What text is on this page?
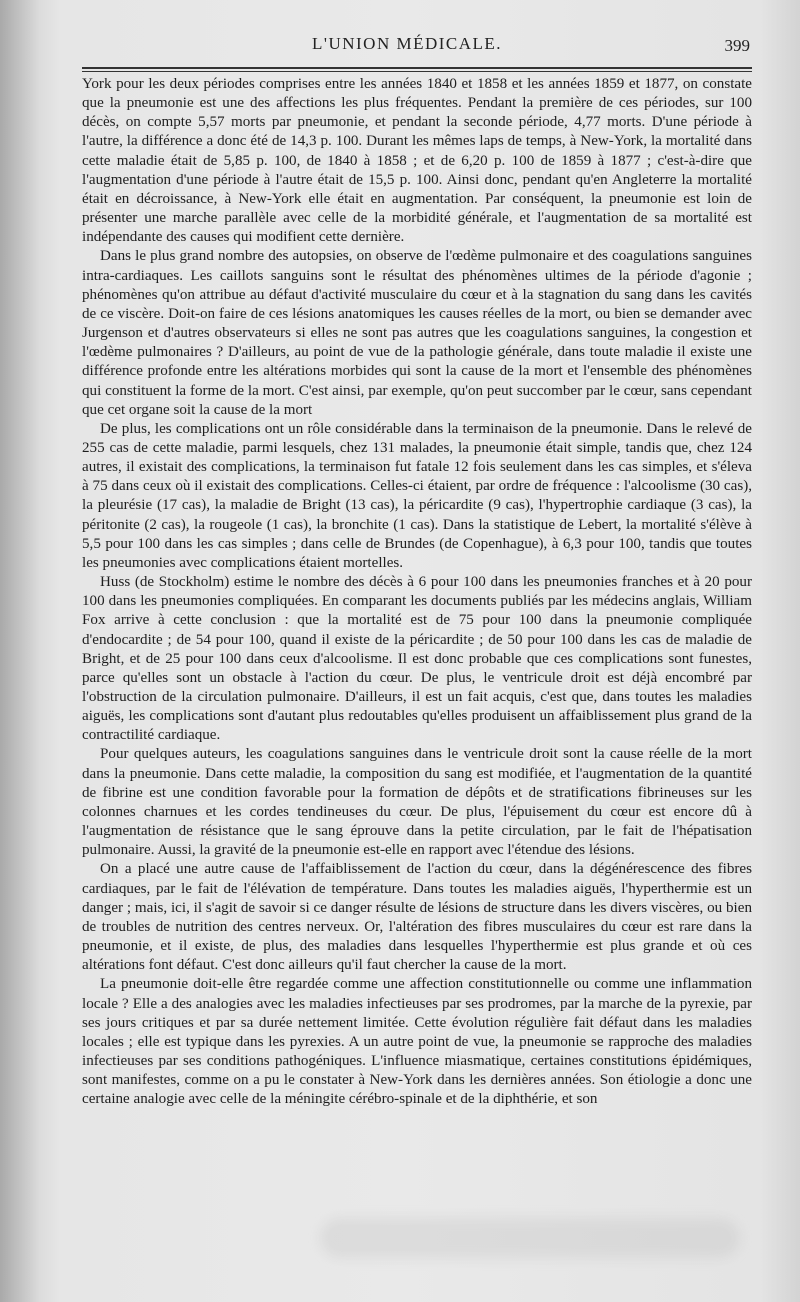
L'UNION MÉDICALE.	399

York pour les deux périodes comprises entre les années 1840 et 1858 et les années 1859 et 1877, on constate que la pneumonie est une des affections les plus fréquentes. Pendant la première de ces périodes, sur 100 décès, on compte 5,57 morts par pneumonie, et pendant la seconde période, 4,77 morts. D'une période à l'autre, la différence a donc été de 14,3 p. 100. Durant les mêmes laps de temps, à New-York, la mortalité dans cette maladie était de 5,85 p. 100, de 1840 à 1858 ; et de 6,20 p. 100 de 1859 à 1877 ; c'est-à-dire que l'augmentation d'une période à l'autre était de 15,5 p. 100. Ainsi donc, pendant qu'en Angleterre la mortalité était en décroissance, à New-York elle était en augmentation. Par conséquent, la pneumonie est loin de présenter une marche parallèle avec celle de la morbidité générale, et l'augmentation de sa mortalité est indépendante des causes qui modifient cette dernière.

Dans le plus grand nombre des autopsies, on observe de l'œdème pulmonaire et des coagulations sanguines intra-cardiaques. Les caillots sanguins sont le résultat des phénomènes ultimes de la période d'agonie ; phénomènes qu'on attribue au défaut d'activité musculaire du cœur et à la stagnation du sang dans les cavités de ce viscère. Doit-on faire de ces lésions anatomiques les causes réelles de la mort, ou bien se demander avec Jurgenson et d'autres observateurs si elles ne sont pas autres que les coagulations sanguines, la congestion et l'œdème pulmonaires ? D'ailleurs, au point de vue de la pathologie générale, dans toute maladie il existe une différence profonde entre les altérations morbides qui sont la cause de la mort et l'ensemble des phénomènes qui constituent la forme de la mort. C'est ainsi, par exemple, qu'on peut succomber par le cœur, sans cependant que cet organe soit la cause de la mort

De plus, les complications ont un rôle considérable dans la terminaison de la pneumonie. Dans le relevé de 255 cas de cette maladie, parmi lesquels, chez 131 malades, la pneumonie était simple, tandis que, chez 124 autres, il existait des complications, la terminaison fut fatale 12 fois seulement dans les cas simples, et s'éleva à 75 dans ceux où il existait des complications. Celles-ci étaient, par ordre de fréquence : l'alcoolisme (30 cas), la pleurésie (17 cas), la maladie de Bright (13 cas), la péricardite (9 cas), l'hypertrophie cardiaque (3 cas), la péritonite (2 cas), la rougeole (1 cas), la bronchite (1 cas). Dans la statistique de Lebert, la mortalité s'élève à 5,5 pour 100 dans les cas simples ; dans celle de Brundes (de Copenhague), à 6,3 pour 100, tandis que toutes les pneumonies avec complications étaient mortelles.

Huss (de Stockholm) estime le nombre des décès à 6 pour 100 dans les pneumonies franches et à 20 pour 100 dans les pneumonies compliquées. En comparant les documents publiés par les médecins anglais, William Fox arrive à cette conclusion : que la mortalité est de 75 pour 100 dans la pneumonie compliquée d'endocardite ; de 54 pour 100, quand il existe de la péricardite ; de 50 pour 100 dans les cas de maladie de Bright, et de 25 pour 100 dans ceux d'alcoolisme. Il est donc probable que ces complications sont funestes, parce qu'elles sont un obstacle à l'action du cœur. De plus, le ventricule droit est déjà encombré par l'obstruction de la circulation pulmonaire. D'ailleurs, il est un fait acquis, c'est que, dans toutes les maladies aiguës, les complications sont d'autant plus redoutables qu'elles produisent un affaiblissement plus grand de la contractilité cardiaque.

Pour quelques auteurs, les coagulations sanguines dans le ventricule droit sont la cause réelle de la mort dans la pneumonie. Dans cette maladie, la composition du sang est modifiée, et l'augmentation de la quantité de fibrine est une condition favorable pour la formation de dépôts et de stratifications fibrineuses sur les colonnes charnues et les cordes tendineuses du cœur. De plus, l'épuisement du cœur est encore dû à l'augmentation de résistance que le sang éprouve dans la petite circulation, par le fait de l'hépatisation pulmonaire. Aussi, la gravité de la pneumonie est-elle en rapport avec l'étendue des lésions.

On a placé une autre cause de l'affaiblissement de l'action du cœur, dans la dégénérescence des fibres cardiaques, par le fait de l'élévation de température. Dans toutes les maladies aiguës, l'hyperthermie est un danger ; mais, ici, il s'agit de savoir si ce danger résulte de lésions de structure dans les divers viscères, ou bien de troubles de nutrition des centres nerveux. Or, l'altération des fibres musculaires du cœur est rare dans la pneumonie, et il existe, de plus, des maladies dans lesquelles l'hyperthermie est plus grande et où ces altérations font défaut. C'est donc ailleurs qu'il faut chercher la cause de la mort.

La pneumonie doit-elle être regardée comme une affection constitutionnelle ou comme une inflammation locale ? Elle a des analogies avec les maladies infectieuses par ses prodromes, par la marche de la pyrexie, par ses jours critiques et par sa durée nettement limitée. Cette évolution régulière fait défaut dans les maladies locales ; elle est typique dans les pyrexies. A un autre point de vue, la pneumonie se rapproche des maladies infectieuses par ses conditions pathogéniques. L'influence miasmatique, certaines constitutions épidémiques, sont manifestes, comme on a pu le constater à New-York dans les dernières années. Son étiologie a donc une certaine analogie avec celle de la méningite cérébro-spinale et de la diphthérie, et son
